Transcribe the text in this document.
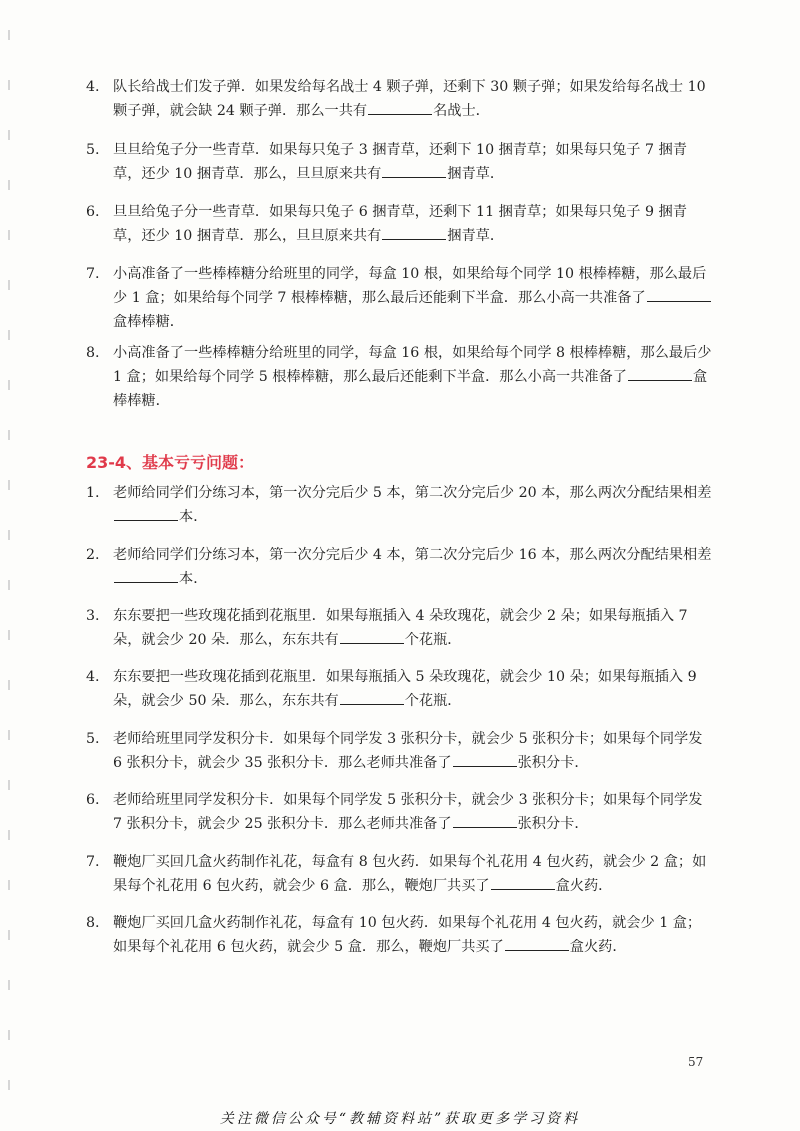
4. 队长给战士们发子弹．如果发给每名战士 4 颗子弹，还剩下 30 颗子弹；如果发给每名战士 10 颗子弹，就会缺 24 颗子弹．那么一共有	名战士．
5. 旦旦给兔子分一些青草．如果每只兔子 3 捆青草，还剩下 10 捆青草；如果每只兔子 7 捆青草，还少 10 捆青草．那么，旦旦原来共有	捆青草．
6. 旦旦给兔子分一些青草．如果每只兔子 6 捆青草，还剩下 11 捆青草；如果每只兔子 9 捆青草，还少 10 捆青草．那么，旦旦原来共有	捆青草．
7. 小高准备了一些棒棒糖分给班里的同学，每盒 10 根，如果给每个同学 10 根棒棒糖，那么最后少 1 盒；如果给每个同学 7 根棒棒糖，那么最后还能剩下半盒．那么小高一共准备了盒棒棒糖．
8. 小高准备了一些棒棒糖分给班里的同学，每盒 16 根，如果给每个同学 8 根棒棒糖，那么最后少 1 盒；如果给每个同学 5 根棒棒糖，那么最后还能剩下半盒．那么小高一共准备了	盒棒棒糖．
23-4、基本亏亏问题：
1. 老师给同学们分练习本，第一次分完后少 5 本，第二次分完后少 20 本，那么两次分配结果相差本．
2. 老师给同学们分练习本，第一次分完后少 4 本，第二次分完后少 16 本，那么两次分配结果相差本．
3. 东东要把一些玫瑰花插到花瓶里．如果每瓶插入 4 朵玫瑰花，就会少 2 朵；如果每瓶插入 7 朵，就会少 20 朵．那么，东东共有	个花瓶．
4. 东东要把一些玫瑰花插到花瓶里．如果每瓶插入 5 朵玫瑰花，就会少 10 朵；如果每瓶插入 9 朵，就会少 50 朵．那么，东东共有	个花瓶．
5. 老师给班里同学发积分卡．如果每个同学发 3 张积分卡，就会少 5 张积分卡；如果每个同学发 6 张积分卡，就会少 35 张积分卡．那么老师共准备了	张积分卡．
6. 老师给班里同学发积分卡．如果每个同学发 5 张积分卡，就会少 3 张积分卡；如果每个同学发 7 张积分卡，就会少 25 张积分卡．那么老师共准备了	张积分卡．
7. 鞭炮厂买回几盒火药制作礼花，每盒有 8 包火药．如果每个礼花用 4 包火药，就会少 2 盒；如果每个礼花用 6 包火药，就会少 6 盒．那么，鞭炮厂共买了	盒火药．
8. 鞭炮厂买回几盒火药制作礼花，每盒有 10 包火药．如果每个礼花用 4 包火药，就会少 1 盒；如果每个礼花用 6 包火药，就会少 5 盒．那么，鞭炮厂共买了	盒火药．
57
关注微信公众号“教辅资料站”获取更多学习资料
